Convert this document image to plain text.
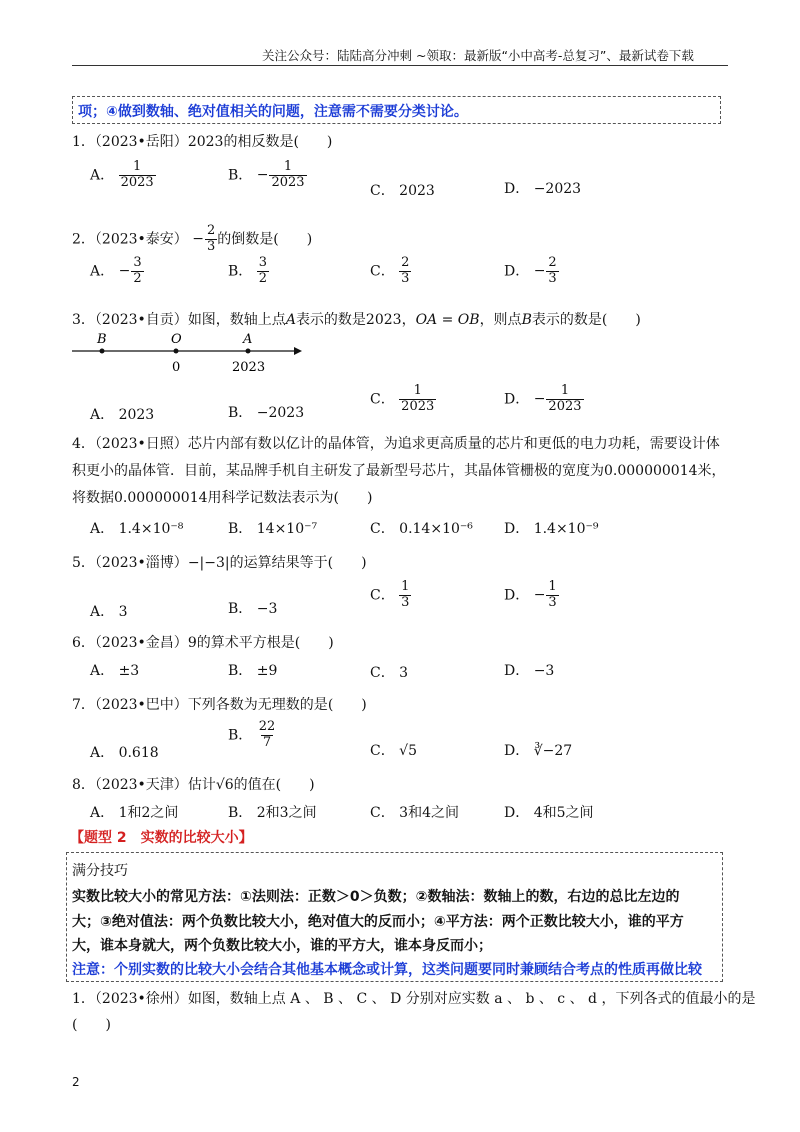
关注公众号：陆陆高分冲刺 ~领取：最新版“小中高考-总复习”、最新试卷下载
项；④做到数轴、绝对值相关的问题，注意需不需要分类讨论。
1．（2023•岳阳）2023的相反数是(　　)
A． $\frac{1}{2023}$	B． − $\frac{1}{2023}$
C． 2023	D． −2023
2．（2023•泰安） − $\frac{2}{3}$ 的倒数是(　　)
A． − $\frac{3}{2}$	B． $\frac{3}{2}$	C． $\frac{2}{3}$	D． − $\frac{2}{3}$
3．（2023•自贡）如图，数轴上点A表示的数是2023，OA = OB，则点B表示的数是(　　)
B	O	A
0	2023
A． 2023	B． −2023
C． $\frac{1}{2023}$	D． − $\frac{1}{2023}$
4．（2023•日照）芯片内部有数以亿计的晶体管，为追求更高质量的芯片和更低的电力功耗，需要设计体
积更小的晶体管．目前，某品牌手机自主研发了最新型号芯片，其晶体管栅极的宽度为0.000000014米，
将数据0.000000014用科学记数法表示为(　　)
A． 1.4×10⁻⁸	B． 14×10⁻⁷	C． 0.14×10⁻⁶ D． 1.4×10⁻⁹
5．（2023•淄博）−|−3|的运算结果等于(　　)
A． 3	B． −3
C． $\frac{1}{3}$	D． − $\frac{1}{3}$
6．（2023•金昌）9的算术平方根是(　　)
A． ±3	B． ±9	C． 3	D． −3
7．（2023•巴中）下列各数为无理数的是(　　)
A． 0.618
B． $\frac{22}{7}$
C． √5	D． ∛−27
8．（2023•天津）估计√6的值在(　　)
A． 1和2之间	B． 2和3之间	C． 3和4之间	D． 4和5之间
【题型 2　实数的比较大小】
满分技巧
实数比较大小的常见方法：①法则法：正数＞0＞负数；②数轴法：数轴上的数，右边的总比左边的
大；③绝对值法：两个负数比较大小，绝对值大的反而小；④平方法：两个正数比较大小，谁的平方
大，谁本身就大，两个负数比较大小，谁的平方大，谁本身反而小；
注意：个别实数的比较大小会结合其他基本概念或计算，这类问题要同时兼顾结合考点的性质再做比较
1．（2023•徐州）如图，数轴上点 A 、 B 、 C 、 D 分别对应实数 a 、 b 、 c 、 d ，下列各式的值最小的是
(　　)
2
